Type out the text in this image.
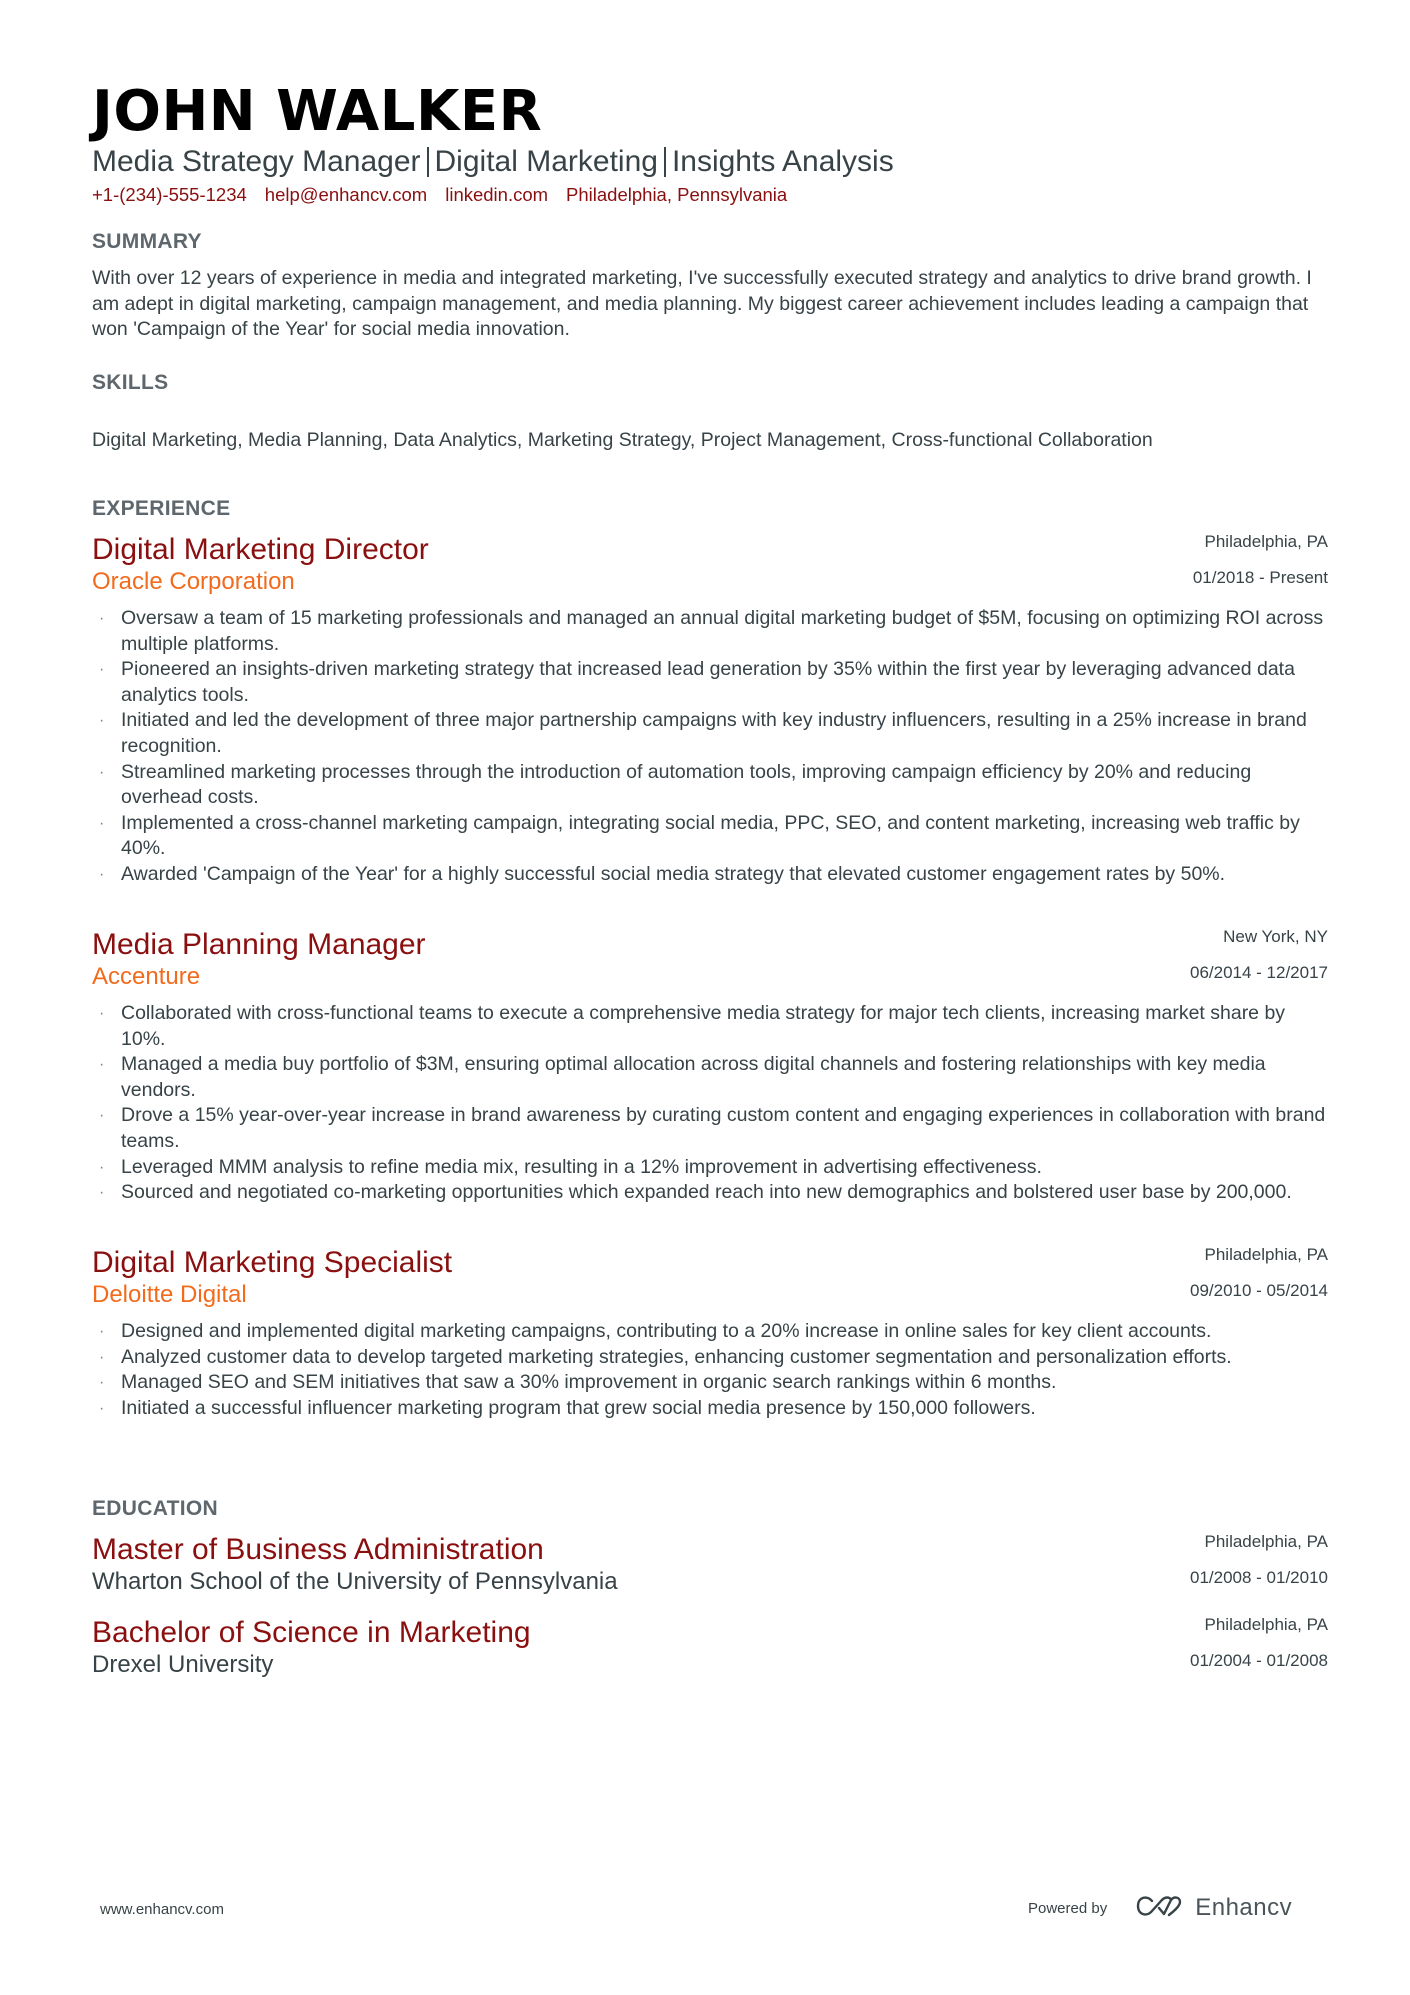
JOHN WALKER
Media Strategy Manager Digital Marketing Insights Analysis
+1-(234)-555-1234 help@enhancv.com linkedin.com Philadelphia, Pennsylvania
SUMMARY
With over 12 years of experience in media and integrated marketing, I've successfully executed strategy and analytics to drive brand growth. I am adept in digital marketing, campaign management, and media planning. My biggest career achievement includes leading a campaign that won 'Campaign of the Year' for social media innovation.
SKILLS
Digital Marketing, Media Planning, Data Analytics, Marketing Strategy, Project Management, Cross-functional Collaboration
EXPERIENCE
Digital Marketing Director
Oracle Corporation
Philadelphia, PA
01/2018 - Present
· Oversaw a team of 15 marketing professionals and managed an annual digital marketing budget of $5M, focusing on optimizing ROI across multiple platforms.
· Pioneered an insights-driven marketing strategy that increased lead generation by 35% within the first year by leveraging advanced data analytics tools.
· Initiated and led the development of three major partnership campaigns with key industry influencers, resulting in a 25% increase in brand recognition.
· Streamlined marketing processes through the introduction of automation tools, improving campaign efficiency by 20% and reducing overhead costs.
· Implemented a cross-channel marketing campaign, integrating social media, PPC, SEO, and content marketing, increasing web traffic by 40%.
· Awarded 'Campaign of the Year' for a highly successful social media strategy that elevated customer engagement rates by 50%.
Media Planning Manager
Accenture
New York, NY
06/2014 - 12/2017
· Collaborated with cross-functional teams to execute a comprehensive media strategy for major tech clients, increasing market share by 10%.
· Managed a media buy portfolio of $3M, ensuring optimal allocation across digital channels and fostering relationships with key media vendors.
· Drove a 15% year-over-year increase in brand awareness by curating custom content and engaging experiences in collaboration with brand teams.
· Leveraged MMM analysis to refine media mix, resulting in a 12% improvement in advertising effectiveness.
· Sourced and negotiated co-marketing opportunities which expanded reach into new demographics and bolstered user base by 200,000.
Digital Marketing Specialist
Deloitte Digital
Philadelphia, PA
09/2010 - 05/2014
· Designed and implemented digital marketing campaigns, contributing to a 20% increase in online sales for key client accounts.
· Analyzed customer data to develop targeted marketing strategies, enhancing customer segmentation and personalization efforts.
· Managed SEO and SEM initiatives that saw a 30% improvement in organic search rankings within 6 months.
· Initiated a successful influencer marketing program that grew social media presence by 150,000 followers.
EDUCATION
Master of Business Administration
Wharton School of the University of Pennsylvania
Philadelphia, PA
01/2008 - 01/2010
Bachelor of Science in Marketing
Drexel University
Philadelphia, PA
01/2004 - 01/2008
www.enhancv.com	Powered by	Enhancv
